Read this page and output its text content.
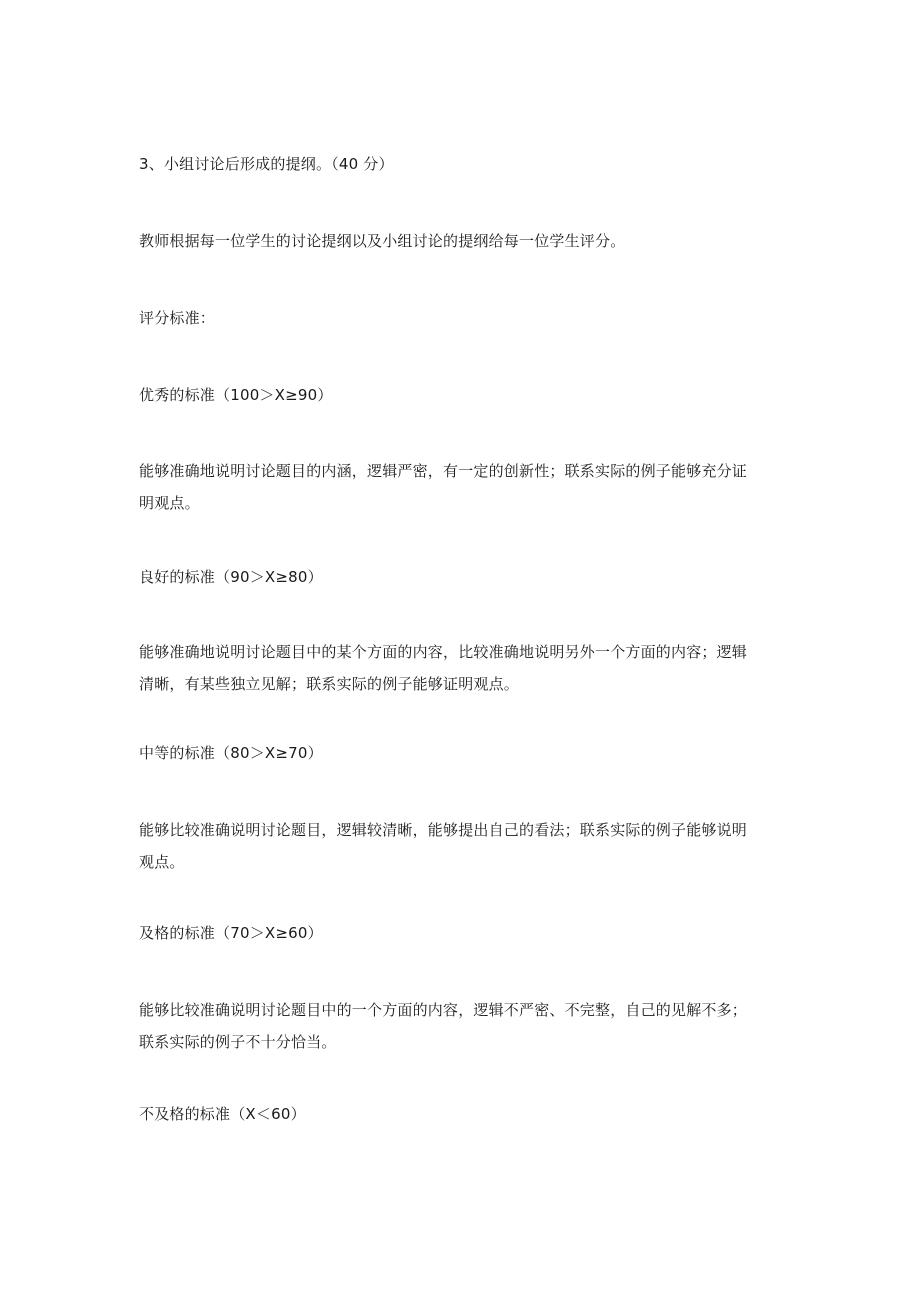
3、小组讨论后形成的提纲。（40 分）
教师根据每一位学生的讨论提纲以及小组讨论的提纲给每一位学生评分。
评分标准：
优秀的标准（100＞X≥90）
能够准确地说明讨论题目的内涵，逻辑严密，有一定的创新性；联系实际的例子能够充分证
明观点。
良好的标准（90＞X≥80）
能够准确地说明讨论题目中的某个方面的内容，比较准确地说明另外一个方面的内容；逻辑
清晰，有某些独立见解；联系实际的例子能够证明观点。
中等的标准（80＞X≥70）
能够比较准确说明讨论题目，逻辑较清晰，能够提出自己的看法；联系实际的例子能够说明
观点。
及格的标准（70＞X≥60）
能够比较准确说明讨论题目中的一个方面的内容，逻辑不严密、不完整，自己的见解不多；
联系实际的例子不十分恰当。
不及格的标准（X＜60）
